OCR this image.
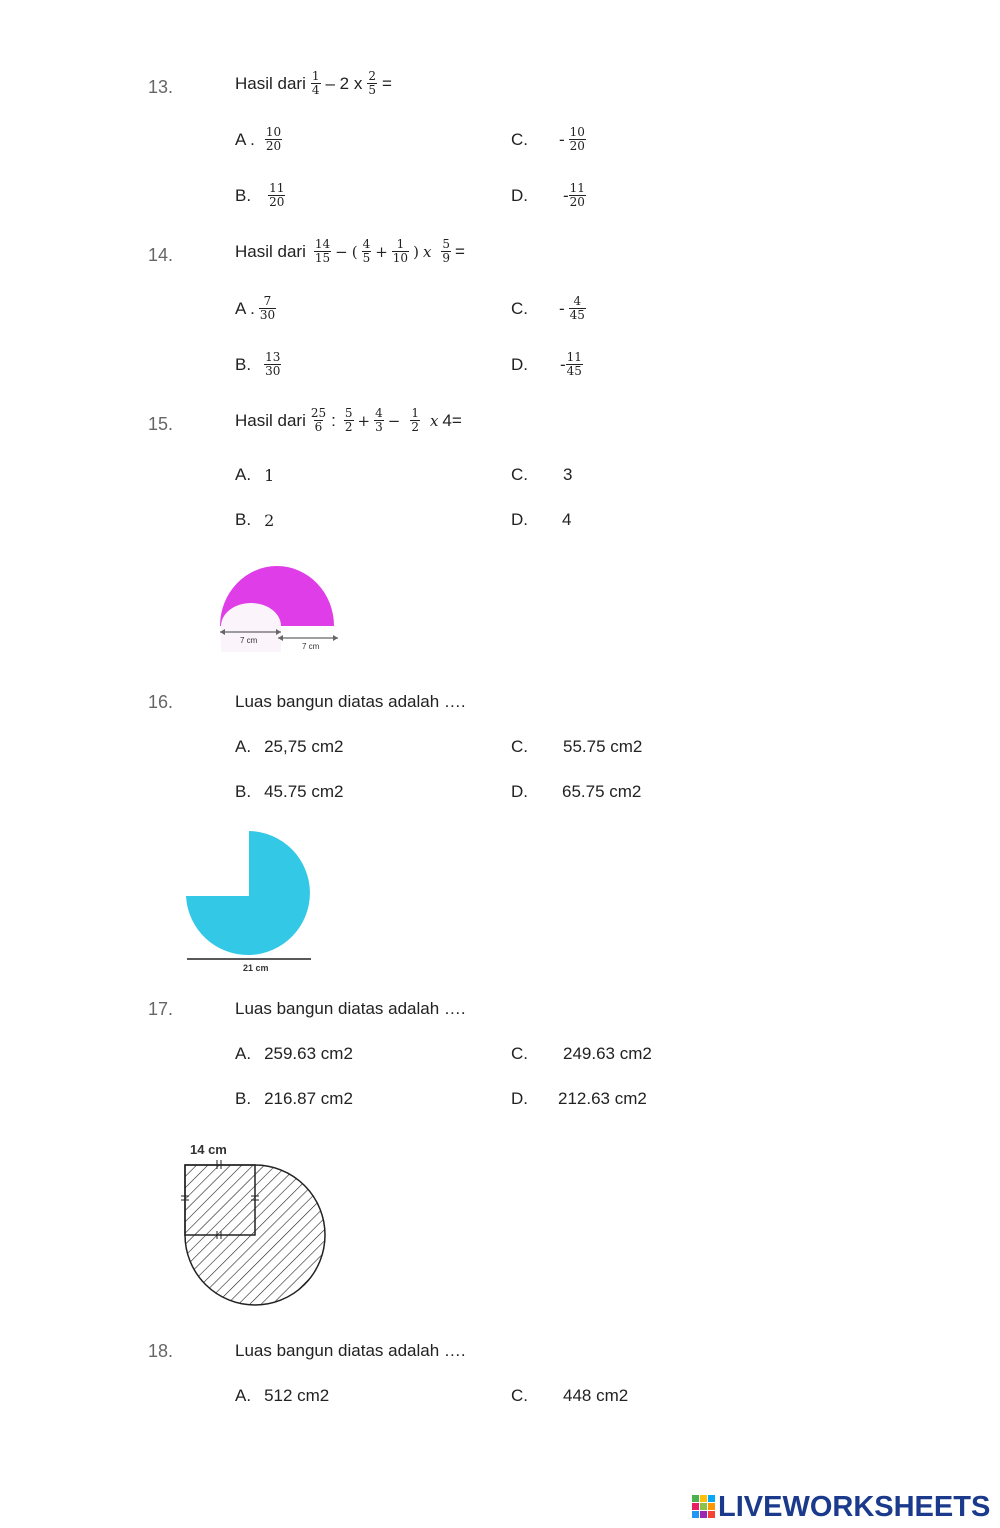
13.	Hasil dari $\frac{1}{4} - 2$ x $\frac{2}{5}$ =
A . $\frac{10}{20}$
B. $\frac{11}{20}$
C. - $\frac{10}{20}$
D. - $\frac{11}{20}$
14.	Hasil dari $\frac{14}{15}$ − ( $\frac{4}{5} + \frac{1}{10}$ ) x $\frac{5}{9}$ =
A . $\frac{7}{30}$
B. $\frac{13}{30}$
C. - $\frac{4}{45}$
D. - $\frac{11}{45}$
15.	Hasil dari $\frac{25}{6}$ : $\frac{5}{2} + \frac{4}{3} - \frac{1}{2}$ x 4=
A. 1
B. 2
C. 3
D. 4
7 cm
7 cm
16.	Luas bangun diatas adalah ….
A. 25,75 cm2
B. 45.75 cm2
C. 55.75 cm2
D. 65.75 cm2
21 cm
17.	Luas bangun diatas adalah ….
A. 259.63 cm2
B. 216.87 cm2
C. 249.63 cm2
D. 212.63 cm2
14 cm
18.	Luas bangun diatas adalah ….
A. 512 cm2	C. 448 cm2
LIVEWORKSHEETS
